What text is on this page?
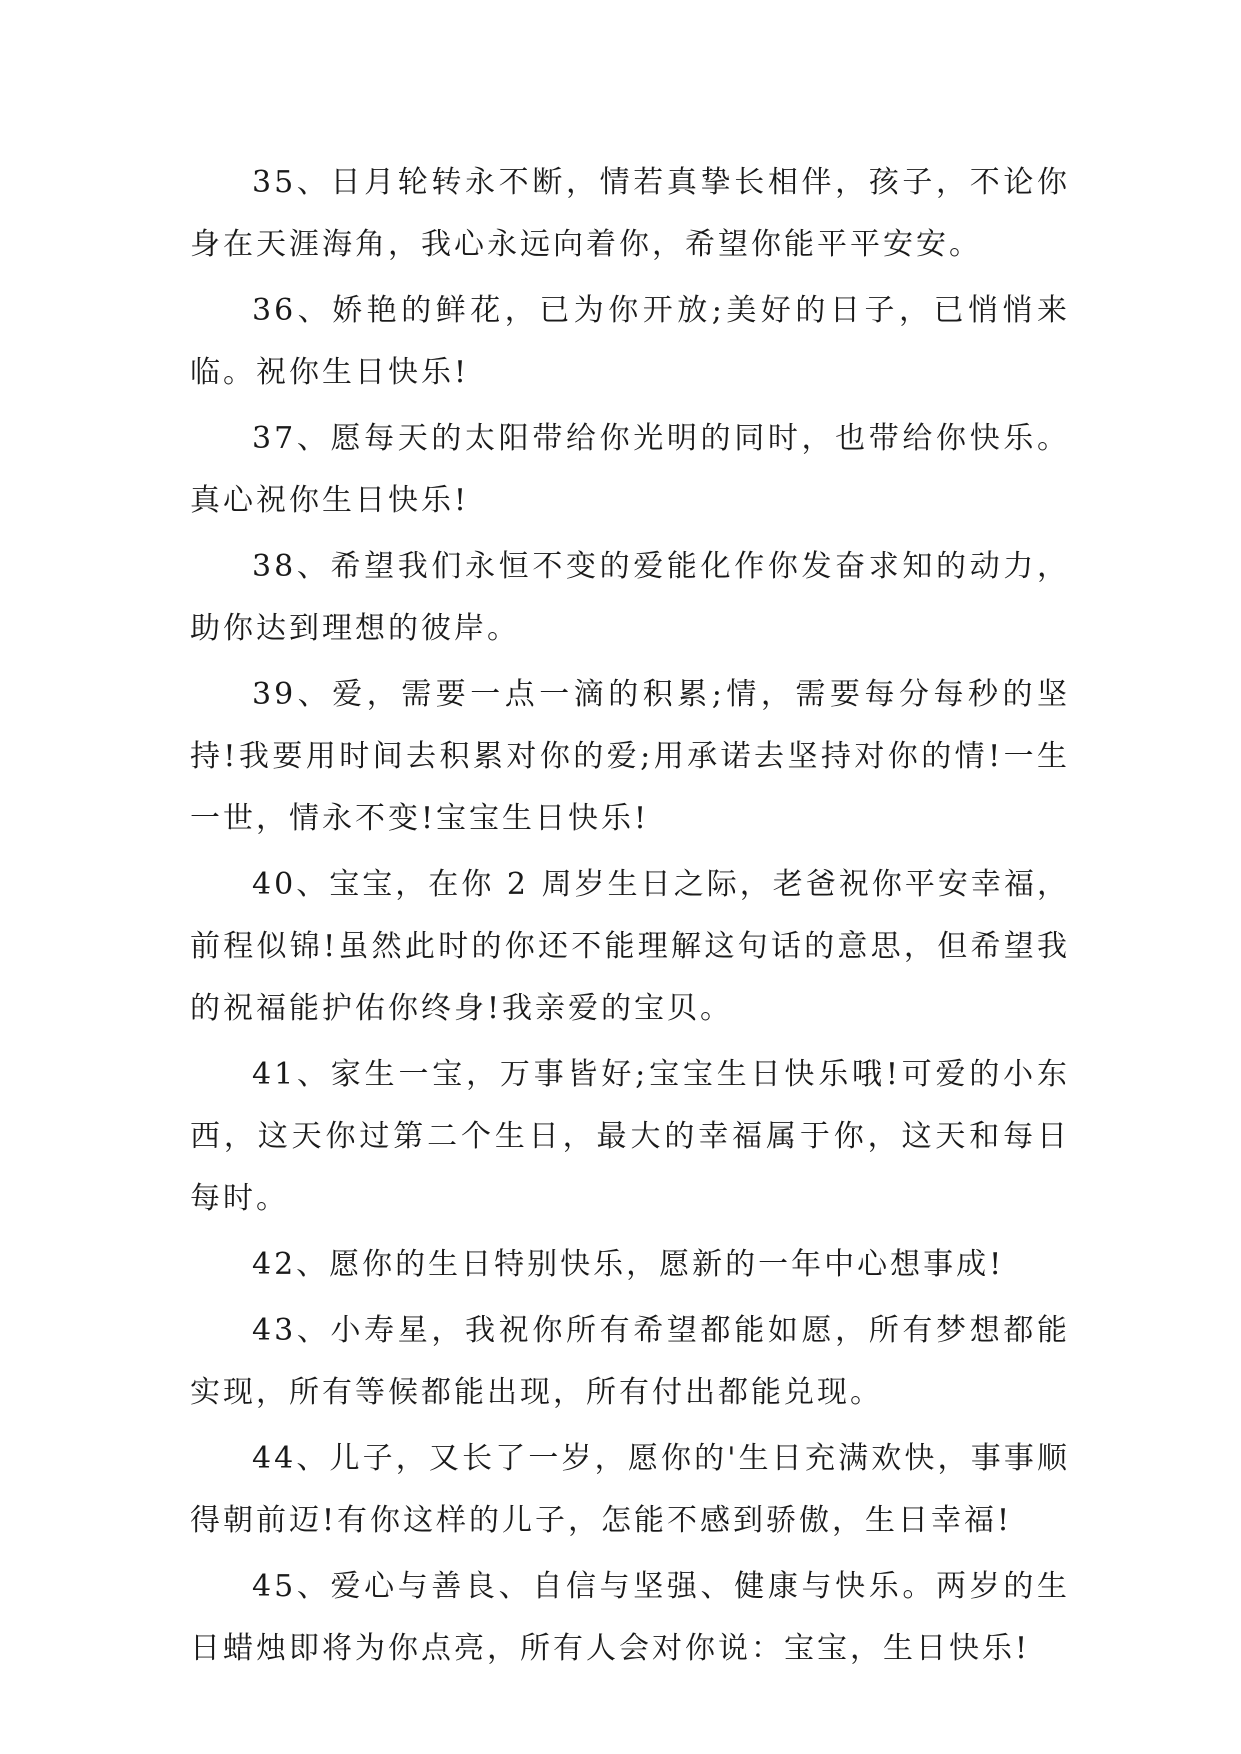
35、日月轮转永不断，情若真挚长相伴，孩子，不论你身在天涯海角，我心永远向着你，希望你能平平安安。

36、娇艳的鲜花，已为你开放;美好的日子，已悄悄来临。祝你生日快乐!

37、愿每天的太阳带给你光明的同时，也带给你快乐。真心祝你生日快乐!

38、希望我们永恒不变的爱能化作你发奋求知的动力，助你达到理想的彼岸。

39、爱，需要一点一滴的积累;情，需要每分每秒的坚持!我要用时间去积累对你的爱;用承诺去坚持对你的情!一生一世，情永不变!宝宝生日快乐!

40、宝宝，在你 2 周岁生日之际，老爸祝你平安幸福，前程似锦!虽然此时的你还不能理解这句话的意思，但希望我的祝福能护佑你终身!我亲爱的宝贝。

41、家生一宝，万事皆好;宝宝生日快乐哦!可爱的小东西，这天你过第二个生日，最大的幸福属于你，这天和每日每时。

42、愿你的生日特别快乐，愿新的一年中心想事成!

43、小寿星，我祝你所有希望都能如愿，所有梦想都能实现，所有等候都能出现，所有付出都能兑现。

44、儿子，又长了一岁，愿你的'生日充满欢快，事事顺得朝前迈!有你这样的儿子，怎能不感到骄傲，生日幸福!

45、爱心与善良、自信与坚强、健康与快乐。两岁的生日蜡烛即将为你点亮，所有人会对你说：宝宝，生日快乐!
